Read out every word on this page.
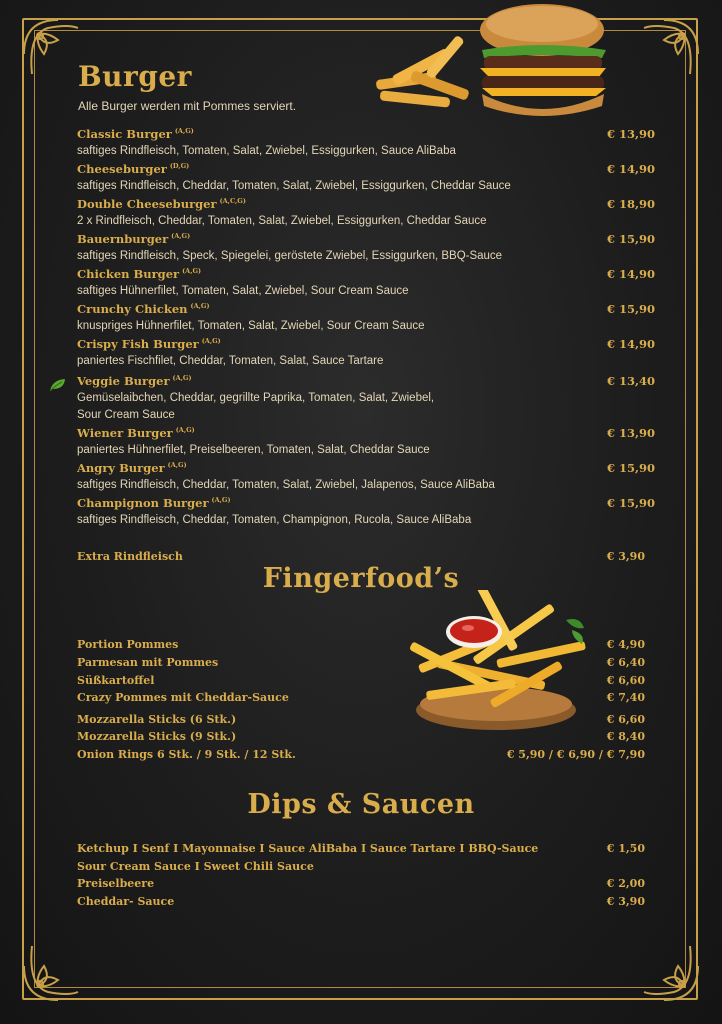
Burger
Alle Burger werden mit Pommes serviert.
Classic Burger $^{(A,G)}$	€ 13,90
saftiges Rindfleisch, Tomaten, Salat, Zwiebel, Essiggurken, Sauce AliBaba
Cheeseburger $^{(D,G)}$	€ 14,90
saftiges Rindfleisch, Cheddar, Tomaten, Salat, Zwiebel, Essiggurken, Cheddar Sauce
Double Cheeseburger $^{(A,C,G)}$	€ 18,90
2 x Rindfleisch, Cheddar, Tomaten, Salat, Zwiebel, Essiggurken, Cheddar Sauce
Bauernburger $^{(A,G)}$	€ 15,90
saftiges Rindfleisch, Speck, Spiegelei, geröstete Zwiebel, Essiggurken, BBQ-Sauce
Chicken Burger $^{(A,G)}$	€ 14,90
saftiges Hühnerfilet, Tomaten, Salat, Zwiebel, Sour Cream Sauce
Crunchy Chicken $^{(A,G)}$	€ 15,90
knuspriges Hühnerfilet, Tomaten, Salat, Zwiebel, Sour Cream Sauce
Crispy Fish Burger $^{(A,G)}$	€ 14,90
paniertes Fischfilet, Cheddar, Tomaten, Salat, Sauce Tartare
Veggie Burger $^{(A,G)}$	€ 13,40
Gemüselaibchen, Cheddar, gegrillte Paprika, Tomaten, Salat, Zwiebel,
Sour Cream Sauce
Wiener Burger $^{(A,G)}$	€ 13,90
paniertes Hühnerfilet, Preiselbeeren, Tomaten, Salat, Cheddar Sauce
Angry Burger $^{(A,G)}$	€ 15,90
saftiges Rindfleisch, Cheddar, Tomaten, Salat, Zwiebel, Jalapenos, Sauce AliBaba
Champignon Burger $^{(A,G)}$	€ 15,90
saftiges Rindfleisch, Cheddar, Tomaten, Champignon, Rucola, Sauce AliBaba
Extra Rindfleisch	€ 3,90
Fingerfood’s
Portion Pommes	€ 4,90
Parmesan mit Pommes	€ 6,40
Süßkartoffel	€ 6,60
Crazy Pommes mit Cheddar-Sauce	€ 7,40
Mozzarella Sticks (6 Stk.)	€ 6,60
Mozzarella Sticks (9 Stk.)	€ 8,40
Onion Rings 6 Stk. / 9 Stk. / 12 Stk.	€ 5,90 / € 6,90 / € 7,90
Dips & Saucen
Ketchup I Senf I Mayonnaise I Sauce AliBaba I Sauce Tartare I BBQ-Sauce	€ 1,50
Sour Cream Sauce I Sweet Chili Sauce
Preiselbeere	€ 2,00
Cheddar- Sauce	€ 3,90
